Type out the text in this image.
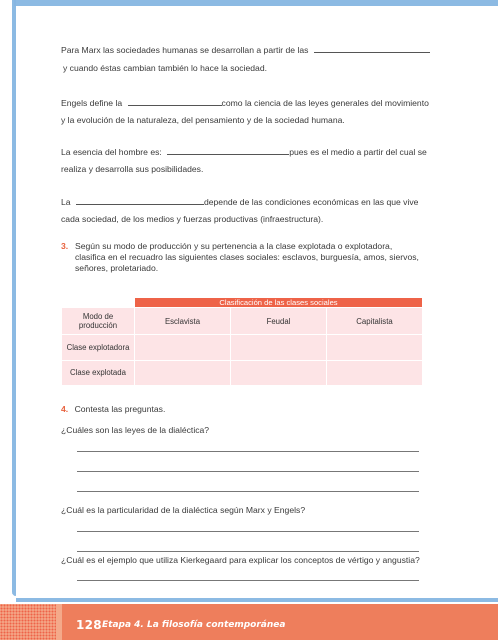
Para Marx las sociedades humanas se desarrollan a partir de las
y cuando éstas cambian también lo hace la sociedad.
Engels define la	como la ciencia de las leyes generales del movimiento
y la evolución de la naturaleza, del pensamiento y de la sociedad humana.
La esencia del hombre es:	pues es el medio a partir del cual se
realiza y desarrolla sus posibilidades.
La	depende de las condiciones económicas en las que vive
cada sociedad, de los medios y fuerzas productivas (infraestructura).
3. Según su modo de producción y su pertenencia a la clase explotada o explotadora, clasifica en el recuadro las siguientes clases sociales: esclavos, burguesía, amos, siervos, señores, proletariado.
	Clasificación de las clases sociales		
Modo de
producción	Esclavista	Feudal	Capitalista
Clase explotadora			
Clase explotada			
4. Contesta las preguntas.
¿Cuáles son las leyes de la dialéctica?
¿Cuál es la particularidad de la dialéctica según Marx y Engels?
¿Cuál es el ejemplo que utiliza Kierkegaard para explicar los conceptos de vértigo y angustia?
128 Etapa 4. La filosofía contemporánea
